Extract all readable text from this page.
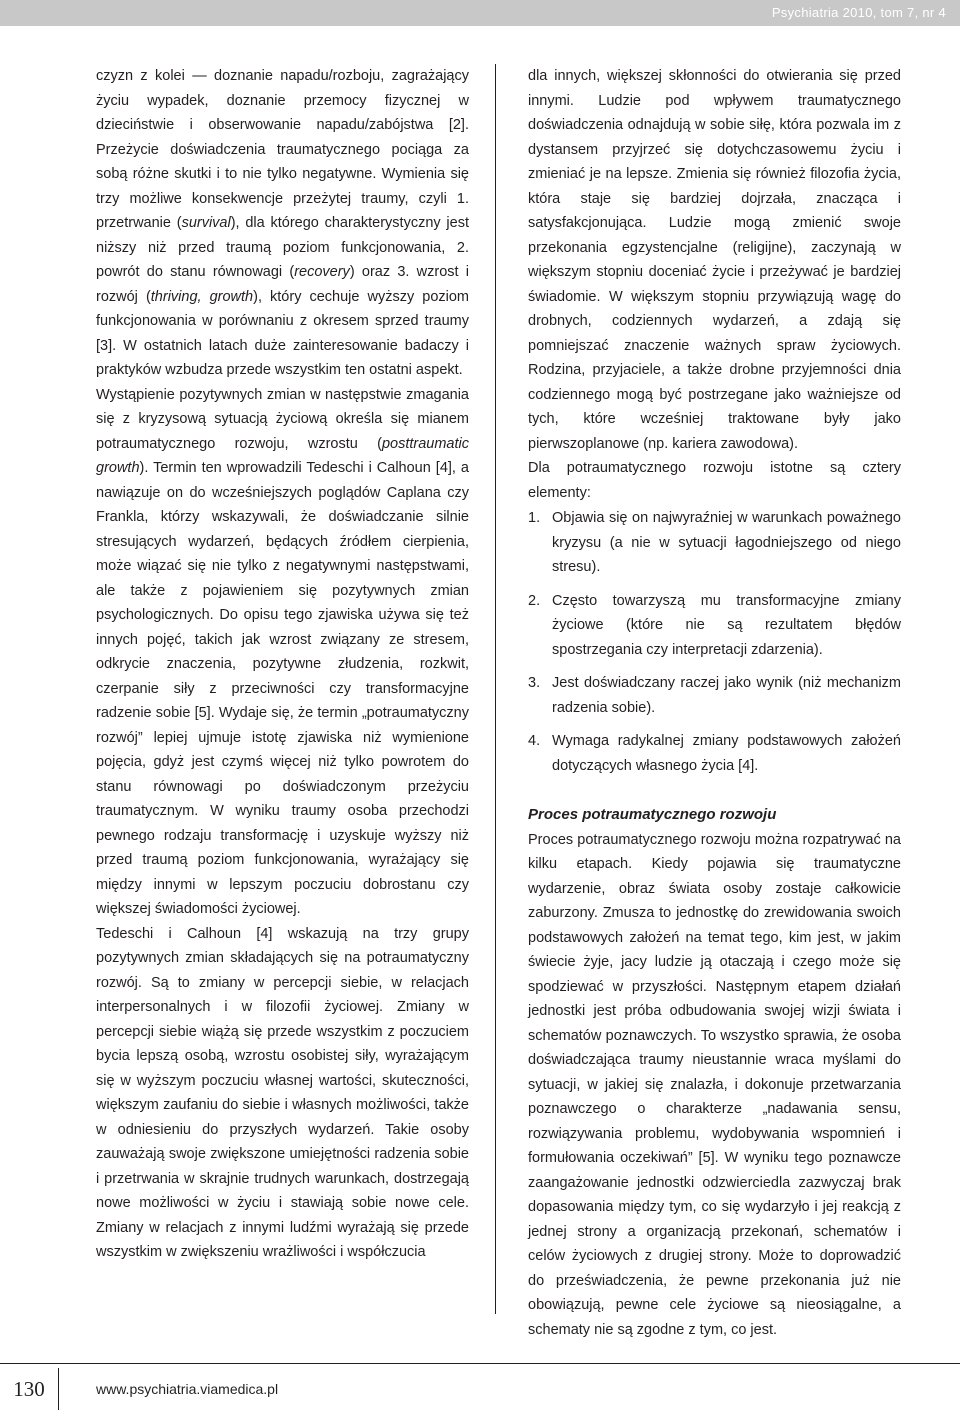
Psychiatria 2010, tom 7, nr 4

czyzn z kolei — doznanie napadu/rozboju, zagrażający życiu wypadek, doznanie przemocy fizycznej w dzieciństwie i obserwowanie napadu/zabójstwa [2]. Przeżycie doświadczenia traumatycznego pociąga za sobą różne skutki i to nie tylko negatywne. Wymienia się trzy możliwe konsekwencje przeżytej traumy, czyli 1. przetrwanie (survival), dla którego charakterystyczny jest niższy niż przed traumą poziom funkcjonowania, 2. powrót do stanu równowagi (recovery) oraz 3. wzrost i rozwój (thriving, growth), który cechuje wyższy poziom funkcjonowania w porównaniu z okresem sprzed traumy [3]. W ostatnich latach duże zainteresowanie badaczy i praktyków wzbudza przede wszystkim ten ostatni aspekt.

Wystąpienie pozytywnych zmian w następstwie zmagania się z kryzysową sytuacją życiową określa się mianem potraumatycznego rozwoju, wzrostu (posttraumatic growth). Termin ten wprowadzili Tedeschi i Calhoun [4], a nawiązuje on do wcześniejszych poglądów Caplana czy Frankla, którzy wskazywali, że doświadczanie silnie stresujących wydarzeń, będących źródłem cierpienia, może wiązać się nie tylko z negatywnymi następstwami, ale także z pojawieniem się pozytywnych zmian psychologicznych. Do opisu tego zjawiska używa się też innych pojęć, takich jak wzrost związany ze stresem, odkrycie znaczenia, pozytywne złudzenia, rozkwit, czerpanie siły z przeciwności czy transformacyjne radzenie sobie [5]. Wydaje się, że termin „potraumatyczny rozwój” lepiej ujmuje istotę zjawiska niż wymienione pojęcia, gdyż jest czymś więcej niż tylko powrotem do stanu równowagi po doświadczonym przeżyciu traumatycznym. W wyniku traumy osoba przechodzi pewnego rodzaju transformację i uzyskuje wyższy niż przed traumą poziom funkcjonowania, wyrażający się między innymi w lepszym poczuciu dobrostanu czy większej świadomości życiowej.

Tedeschi i Calhoun [4] wskazują na trzy grupy pozytywnych zmian składających się na potraumatyczny rozwój. Są to zmiany w percepcji siebie, w relacjach interpersonalnych i w filozofii życiowej. Zmiany w percepcji siebie wiążą się przede wszystkim z poczuciem bycia lepszą osobą, wzrostu osobistej siły, wyrażającym się w wyższym poczuciu własnej wartości, skuteczności, większym zaufaniu do siebie i własnych możliwości, także w odniesieniu do przyszłych wydarzeń. Takie osoby zauważają swoje zwiększone umiejętności radzenia sobie i przetrwania w skrajnie trudnych warunkach, dostrzegają nowe możliwości w życiu i stawiają sobie nowe cele. Zmiany w relacjach z innymi ludźmi wyrażają się przede wszystkim w zwiększeniu wrażliwości i współczucia

dla innych, większej skłonności do otwierania się przed innymi. Ludzie pod wpływem traumatycznego doświadczenia odnajdują w sobie siłę, która pozwala im z dystansem przyjrzeć się dotychczasowemu życiu i zmieniać je na lepsze. Zmienia się również filozofia życia, która staje się bardziej dojrzała, znacząca i satysfakcjonująca. Ludzie mogą zmienić swoje przekonania egzystencjalne (religijne), zaczynają w większym stopniu doceniać życie i przeżywać je bardziej świadomie. W większym stopniu przywiązują wagę do drobnych, codziennych wydarzeń, a zdają się pomniejszać znaczenie ważnych spraw życiowych. Rodzina, przyjaciele, a także drobne przyjemności dnia codziennego mogą być postrzegane jako ważniejsze od tych, które wcześniej traktowane były jako pierwszoplanowe (np. kariera zawodowa).

Dla potraumatycznego rozwoju istotne są cztery elementy:

1. Objawia się on najwyraźniej w warunkach poważnego kryzysu (a nie w sytuacji łagodniejszego od niego stresu).
2. Często towarzyszą mu transformacyjne zmiany życiowe (które nie są rezultatem błędów spostrzegania czy interpretacji zdarzenia).
3. Jest doświadczany raczej jako wynik (niż mechanizm radzenia sobie).
4. Wymaga radykalnej zmiany podstawowych założeń dotyczących własnego życia [4].
Proces potraumatycznego rozwoju

Proces potraumatycznego rozwoju można rozpatrywać na kilku etapach. Kiedy pojawia się traumatyczne wydarzenie, obraz świata osoby zostaje całkowicie zaburzony. Zmusza to jednostkę do zrewidowania swoich podstawowych założeń na temat tego, kim jest, w jakim świecie żyje, jacy ludzie ją otaczają i czego może się spodziewać w przyszłości. Następnym etapem działań jednostki jest próba odbudowania swojej wizji świata i schematów poznawczych. To wszystko sprawia, że osoba doświadczająca traumy nieustannie wraca myślami do sytuacji, w jakiej się znalazła, i dokonuje przetwarzania poznawczego o charakterze „nadawania sensu, rozwiązywania problemu, wydobywania wspomnień i formułowania oczekiwań” [5]. W wyniku tego poznawcze zaangażowanie jednostki odzwierciedla zazwyczaj brak dopasowania między tym, co się wydarzyło i jej reakcją z jednej strony a organizacją przekonań, schematów i celów życiowych z drugiej strony. Może to doprowadzić do przeświadczenia, że pewne przekonania już nie obowiązują, pewne cele życiowe są nieosiągalne, a schematy nie są zgodne z tym, co jest.

130	www.psychiatria.viamedica.pl
